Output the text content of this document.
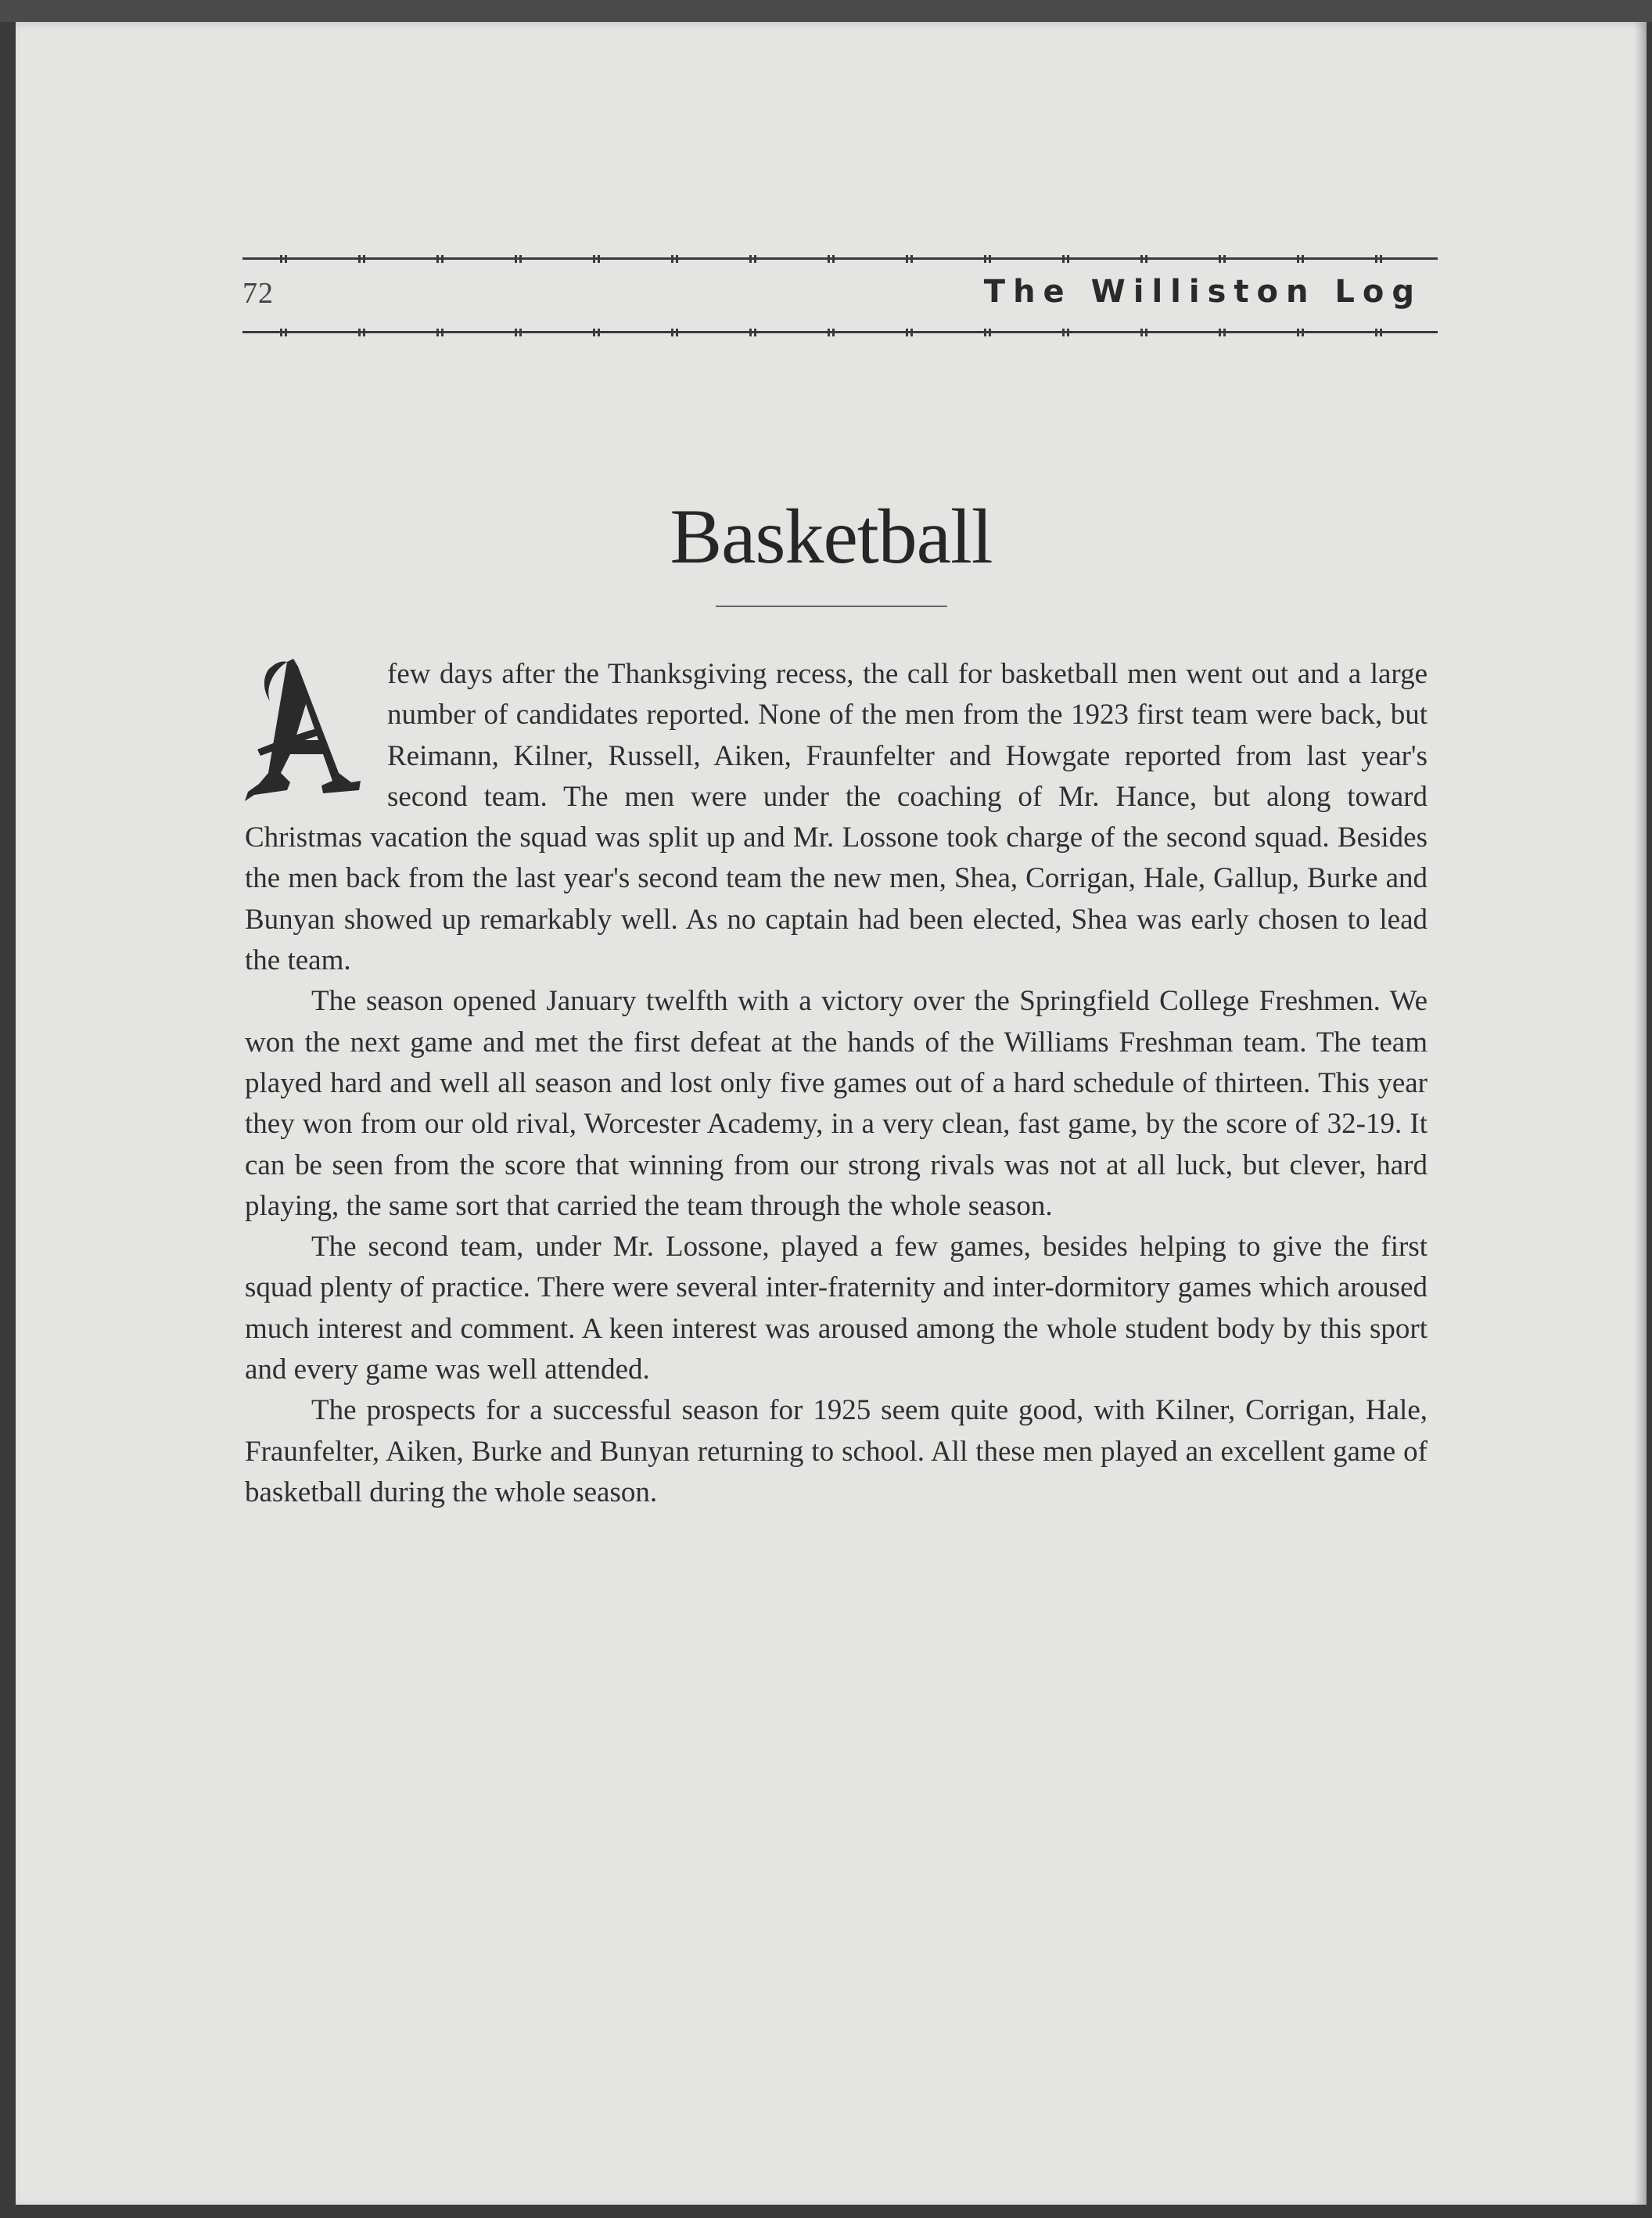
72	The Williston Log
Basketball

few days after the Thanksgiving recess, the call for basketball men went out and a large number of candidates reported. None of the men from the 1923 first team were back, but Reimann, Kilner, Russell, Aiken, Fraunfelter and Howgate reported from last year's second team. The men were under the coaching of Mr. Hance, but along toward Christmas vacation the squad was split up and Mr. Lossone took charge of the second squad. Besides the men back from the last year's second team the new men, Shea, Corrigan, Hale, Gallup, Burke and Bunyan showed up remarkably well. As no captain had been elected, Shea was early chosen to lead the team.

The season opened January twelfth with a victory over the Springfield College Freshmen. We won the next game and met the first defeat at the hands of the Williams Freshman team. The team played hard and well all season and lost only five games out of a hard schedule of thirteen. This year they won from our old rival, Worcester Academy, in a very clean, fast game, by the score of 32-19. It can be seen from the score that winning from our strong rivals was not at all luck, but clever, hard playing, the same sort that carried the team through the whole season.

The second team, under Mr. Lossone, played a few games, besides helping to give the first squad plenty of practice. There were several inter-fraternity and inter-dormitory games which aroused much interest and comment. A keen interest was aroused among the whole student body by this sport and every game was well attended.

The prospects for a successful season for 1925 seem quite good, with Kilner, Corrigan, Hale, Fraunfelter, Aiken, Burke and Bunyan returning to school. All these men played an excellent game of basketball during the whole season.
